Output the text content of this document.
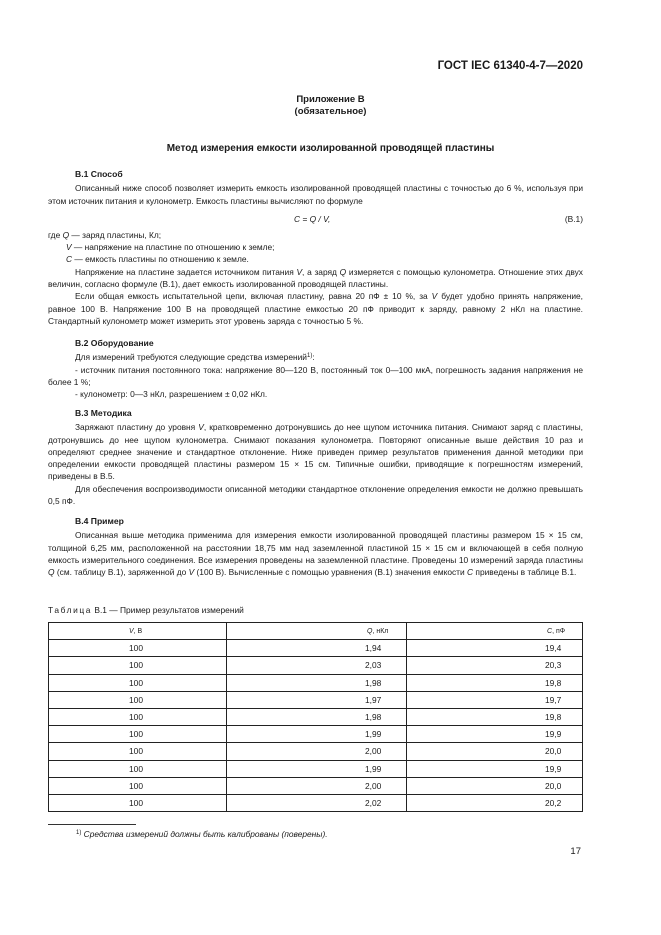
ГОСТ IEC 61340-4-7—2020
Приложение В
(обязательное)
Метод измерения емкости изолированной проводящей пластины
В.1 Способ

Описанный ниже способ позволяет измерить емкость изолированной проводящей пластины с точностью до 6 %, используя при этом источник питания и кулонометр. Емкость пластины вычисляют по формуле

C = Q / V,	(В.1)

где Q — заряд пластины, Кл;

V — напряжение на пластине по отношению к земле;

C — емкость пластины по отношению к земле.

Напряжение на пластине задается источником питания V, а заряд Q измеряется с помощью кулонометра. Отношение этих двух величин, согласно формуле (В.1), дает емкость изолированной проводящей пластины.

Если общая емкость испытательной цепи, включая пластину, равна 20 пФ ± 10 %, за V будет удобно принять напряжение, равное 100 В. Напряжение 100 В на проводящей пластине емкостью 20 пФ приводит к заряду, равному 2 нКл на пластине. Стандартный кулонометр может измерить этот уровень заряда с точностью 5 %.

В.2 Оборудование

Для измерений требуются следующие средства измерений$^{1)}$:

- источник питания постоянного тока: напряжение 80—120 В, постоянный ток 0—100 мкА, погрешность задания напряжения не более 1 %;

- кулонометр: 0—3 нКл, разрешением ± 0,02 нКл.

В.3 Методика

Заряжают пластину до уровня V, кратковременно дотронувшись до нее щупом источника питания. Снимают заряд с пластины, дотронувшись до нее щупом кулонометра. Снимают показания кулонометра. Повторяют описанные выше действия 10 раз и определяют среднее значение и стандартное отклонение. Ниже приведен пример результатов применения данной методики при определении емкости проводящей пластины размером 15 × 15 см. Типичные ошибки, приводящие к погрешностям измерений, приведены в В.5.

Для обеспечения воспроизводимости описанной методики стандартное отклонение определения емкости не должно превышать 0,5 пФ.

В.4 Пример

Описанная выше методика применима для измерения емкости изолированной проводящей пластины размером 15 × 15 см, толщиной 6,25 мм, расположенной на расстоянии 18,75 мм над заземленной пластиной 15 × 15 см и включающей в себя полную емкость измерительного соединения. Все измерения проведены на заземленной пластине. Проведены 10 измерений заряда пластины Q (см. таблицу В.1), заряженной до V (100 В). Вычисленные с помощью уравнения (В.1) значения емкости C приведены в таблице В.1.

Таблица В.1 — Пример результатов измерений
V, В	Q, нКл	C, пФ
100	1,94	19,4
100	2,03	20,3
100	1,98	19,8
100	1,97	19,7
100	1,98	19,8
100	1,99	19,9
100	2,00	20,0
100	1,99	19,9
100	2,00	20,0
100	2,02	20,2
$^{1)}$ Средства измерений должны быть калиброваны (поверены).
17
